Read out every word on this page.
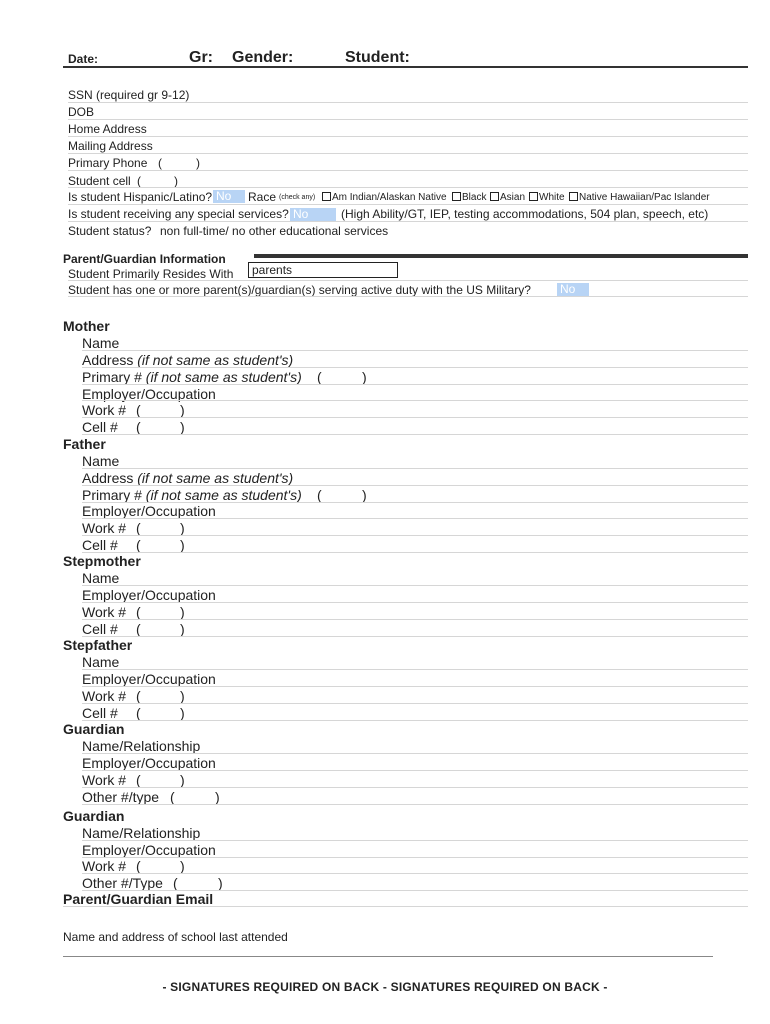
Date:	Gr: Gender:	Student:
SSN (required gr 9-12)
DOB
Home Address
Mailing Address
Primary Phone (	)
Student cell (	)
Is student Hispanic/Latino? No	Race (check any)	Am Indian/Alaskan Native	Black	Asian	White	Native Hawaiian/Pac Islander
Is student receiving any special services? No	(High Ability/GT, IEP, testing accommodations, 504 plan, speech, etc)
Student status? non full-time/ no other educational services
Parent/Guardian Information
Student Primarily Resides With	parents
Student has one or more parent(s)/guardian(s) serving active duty with the US Military? No
Mother
Name
Address (if not same as student's)
Primary # (if not same as student's) (	)
Employer/Occupation
Work # (	)
Cell # (	)
Father
Name
Address (if not same as student's)
Primary # (if not same as student's) (	)
Employer/Occupation
Work # (	)
Cell # (	)
Stepmother
Name
Employer/Occupation
Work # (	)
Cell # (	)
Stepfather
Name
Employer/Occupation
Work # (	)
Cell # (	)
Guardian
Name/Relationship
Employer/Occupation
Work # (	)
Other #/type (	)
Guardian
Name/Relationship
Employer/Occupation
Work # (	)
Other #/Type (	)
Parent/Guardian Email
Name and address of school last attended
- SIGNATURES REQUIRED ON BACK - SIGNATURES REQUIRED ON BACK -
